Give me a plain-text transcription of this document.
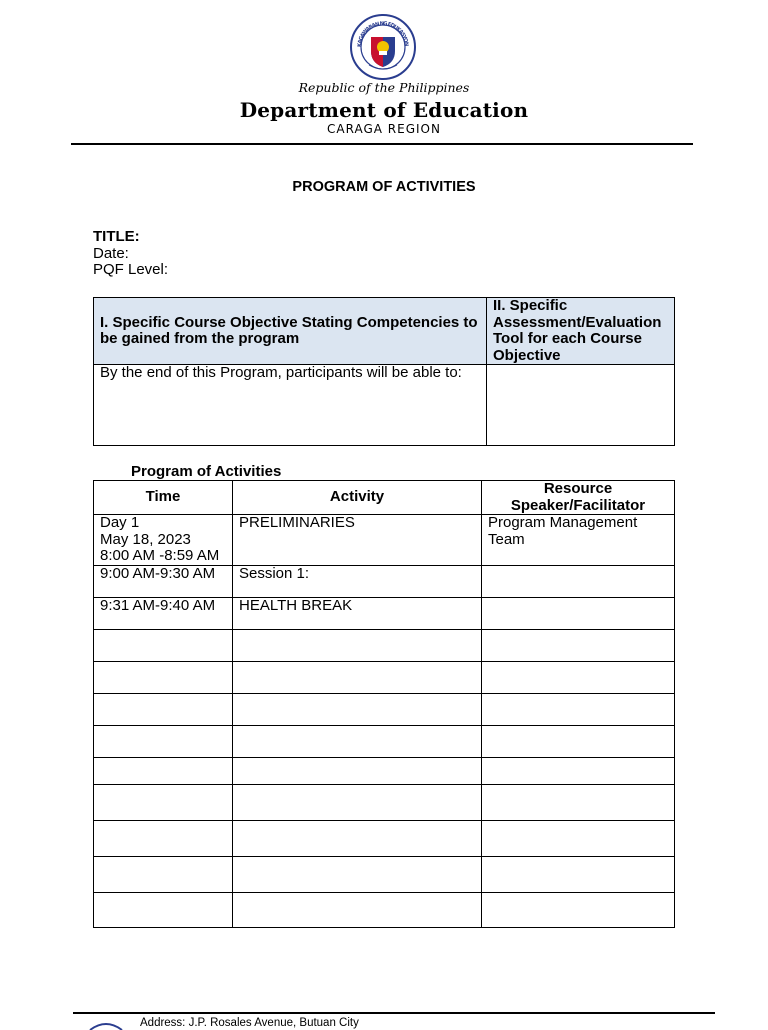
KAGAWARAN NG EDUKASYON
Republic of the Philippines
Department of Education
CARAGA REGION
PROGRAM OF ACTIVITIES
TITLE:
Date:
PQF Level:
I. Specific Course Objective Stating Competencies to be gained from the program	II. Specific Assessment/Evaluation Tool for each Course Objective
By the end of this Program, participants will be able to:	
Program of Activities
Time	Activity	Resource Speaker/Facilitator
Day 1
May 18, 2023
8:00 AM -8:59 AM	PRELIMINARIES	Program Management Team
9:00 AM-9:30 AM	Session 1:	
9:31 AM-9:40 AM	HEALTH BREAK	

Address: J.P. Rosales Avenue, Butuan City
